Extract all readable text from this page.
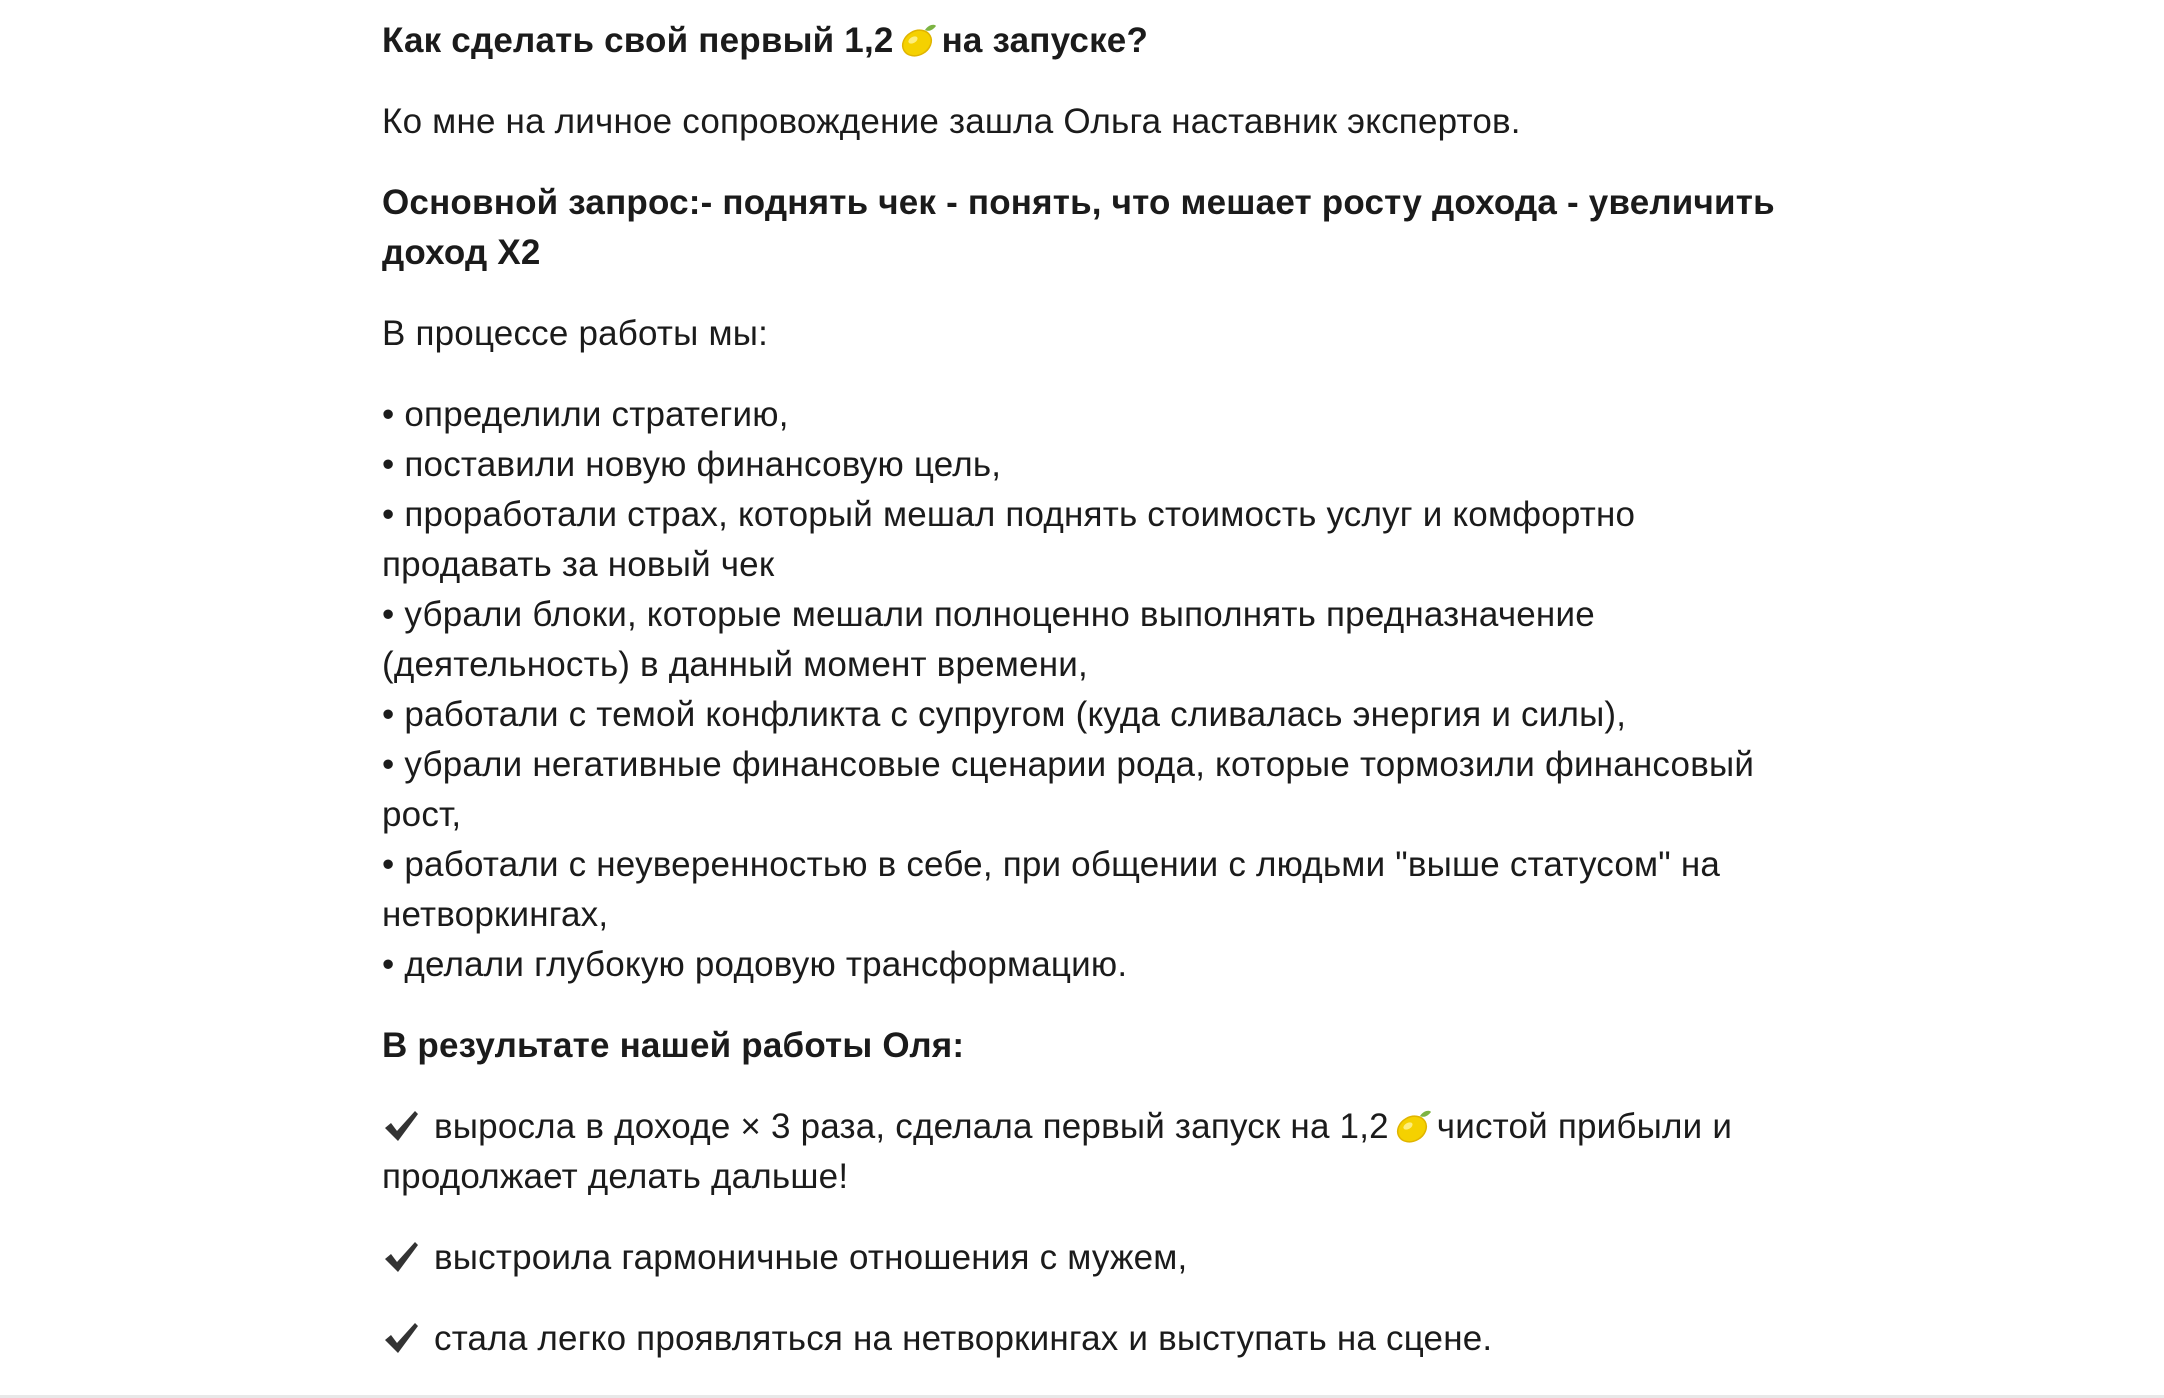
Как сделать свой первый 1,2 на запуске?

Ко мне на личное сопровождение зашла Ольга наставник экспертов.

Основной запрос:- поднять чек - понять, что мешает росту дохода - увеличить доход Х2

В процессе работы мы:

• определили стратегию,
• поставили новую финансовую цель,
• проработали страх, который мешал поднять стоимость услуг и комфортно продавать за новый чек
• убрали блоки, которые мешали полноценно выполнять предназначение (деятельность) в данный момент времени,
• работали с темой конфликта с супругом (куда сливалась энергия и силы),
• убрали негативные финансовые сценарии рода, которые тормозили финансовый рост,
• работали с неуверенностью в себе, при общении с людьми "выше статусом" на нетворкингах,
• делали глубокую родовую трансформацию.

В результате нашей работы Оля:

выросла в доходе × 3 раза, сделала первый запуск на 1,2 чистой прибыли и продолжает делать дальше!

выстроила гармоничные отношения с мужем,

стала легко проявляться на нетворкингах и выступать на сцене.
